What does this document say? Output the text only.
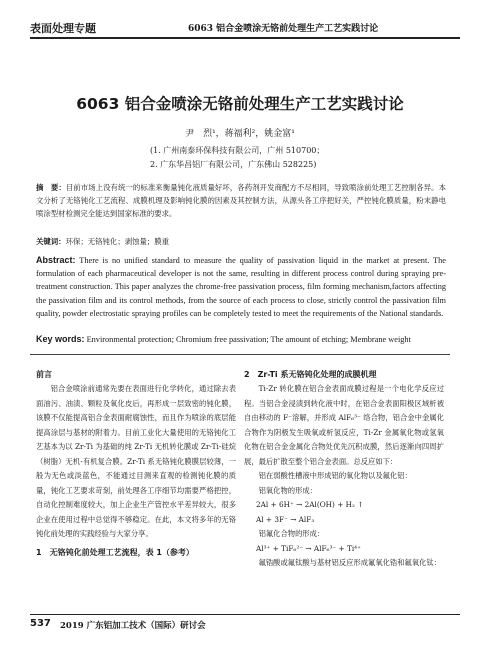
表面处理专题	6063 铝合金喷涂无铬前处理生产工艺实践讨论
6063 铝合金喷涂无铬前处理生产工艺实践讨论
尹　烈¹，蒋福利²，姚金富¹
(1. 广州南泰环保科技有限公司，广州 510700；
2. 广东华昌铝厂有限公司，广东佛山 528225)
摘　要：目前市场上没有统一的标准来衡量钝化液质量好坏，各药剂开发商配方不尽相同，导致喷涂前处理工艺控制各异。本文分析了无铬钝化工艺流程、成膜机理及影响钝化膜的因素及其控制方法，从源头各工序把好关，严控钝化膜质量，粉末静电喷涂型材检测完全能达到国家标准的要求。
关键词：环保；无铬钝化；剥蚀量；膜重
Abstract: There is no unified standard to measure the quality of passivation liquid in the market at present. The formulation of each pharmaceutical developer is not the same, resulting in different process control during spraying pre-treatment construction. This paper analyzes the chrome-free passivation process, film forming mechanism,factors affecting the passivation film and its control methods, from the source of each process to close, strictly control the passivation film quality, powder electrostatic spraying profiles can be completely tested to meet the requirements of the National standards.
Key words: Environmental protection; Chromium free passivation; The amount of etching; Membrane weight
前言

铝合金喷涂前通常先要在表面进行化学转化，通过除去表面油污、油渍、颗粒及氧化皮后，再形成一层致密的钝化膜，该膜不仅能提高铝合金表面耐腐蚀性，而且作为喷涂的底层能提高涂层与基材的附着力。目前工业化大量使用的无铬钝化工艺基本为以 Zr-Ti 为基础的纯 Zr-Ti 无机转化膜或 Zr-Ti-硅烷（树脂）无机-有机复合膜。Zr-Ti 系无铬钝化膜膜层较薄，一般为无色或淡蓝色，不能通过目测来直观的检测钝化膜的质量，钝化工艺要求苛刻，前处理各工序细节均需要严格把控，自动化控制难度较大，加上企业生产管控水平差异较大，很多企业在使用过程中总觉得不够稳定。在此，本文将多年的无铬钝化前处理的实践经验与大家分享。

1　无铬钝化前处理工艺流程，表 1（参考）
2　Zr-Ti 系无铬钝化处理的成膜机理

Ti-Zr 转化膜在铝合金表面成膜过程是一个电化学反应过程。当铝合金浸渍到转化液中时，在铝合金表面阳极区域析被自由移动的 F⁻溶解，并形成 AlF₆³⁻ 络合物，铝合金中金属化合物作为阴极发生吸氧或析氢反应，Ti-Zr 金属氧化物或氢氧化物在铝合金金属化合物处优先沉积成膜，然后逐渐向四周扩展，最后扩散至整个铝合金表面。总反应如下：

铝在弱酸性槽液中形成铝的氧化物以及氟化铝：

铝氧化物的形成：

2Al + 6H⁺ → 2Al(OH) + H₂ ↑

Al + 3F⁻ → AlF₃

铝氟化合物的形成：

Al³⁺ + TiF₆²⁻ → AlF₆³⁻ + Ti⁴⁺

氟锆酸或氟钛酸与基材铝反应形成氟氧化锆和氟氧化钛：

537 2019 广东铝加工技术（国际）研讨会
